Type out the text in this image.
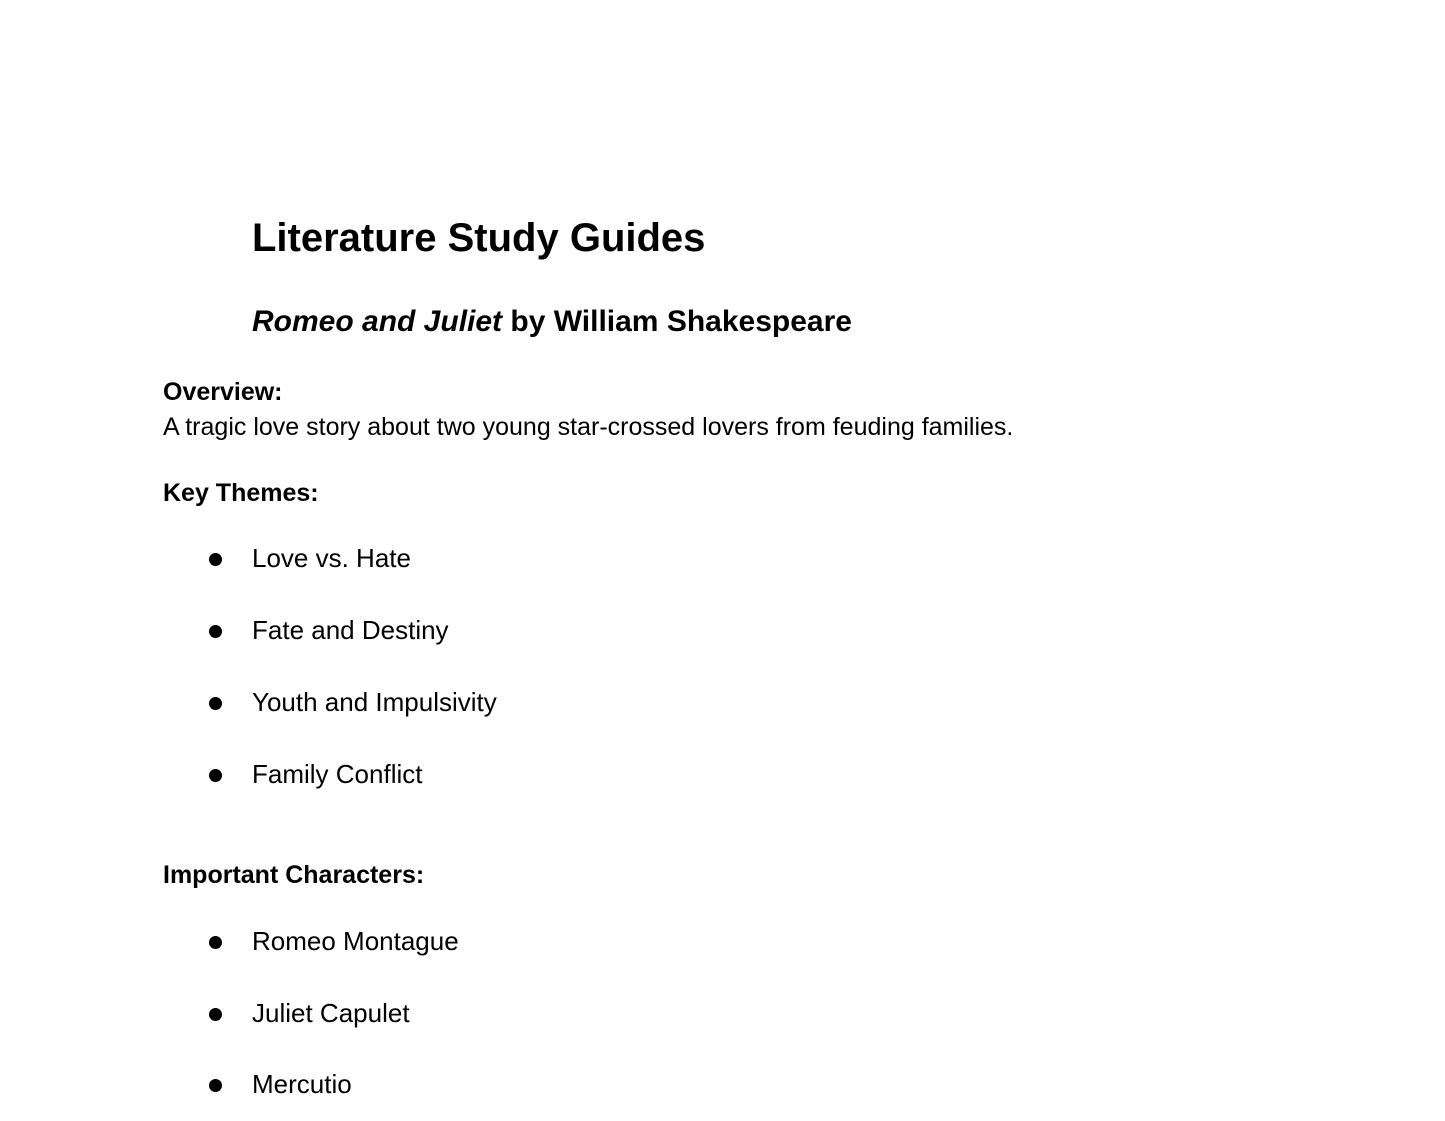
Literature Study Guides
Romeo and Juliet by William Shakespeare
Overview:
A tragic love story about two young star-crossed lovers from feuding families.
Key Themes:
Love vs. Hate
Fate and Destiny
Youth and Impulsivity
Family Conflict
Important Characters:
Romeo Montague
Juliet Capulet
Mercutio
